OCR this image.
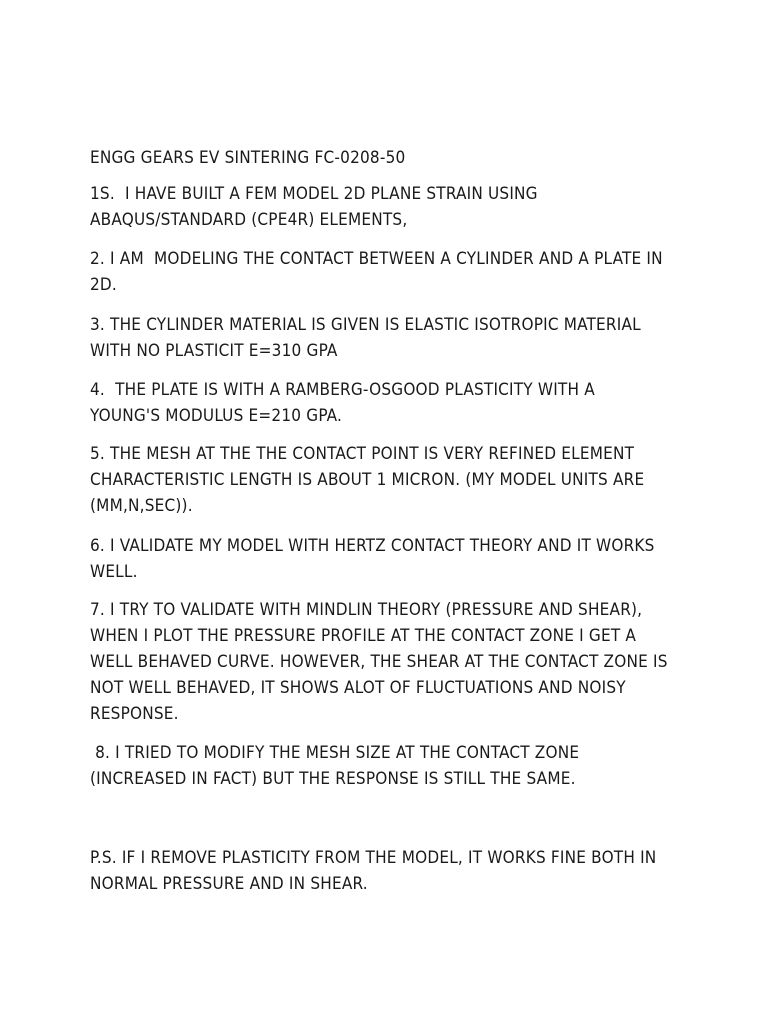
ENGG GEARS EV SINTERING FC-0208-50
1S.  I HAVE BUILT A FEM MODEL 2D PLANE STRAIN USING ABAQUS/STANDARD (CPE4R) ELEMENTS,
2. I AM  MODELING THE CONTACT BETWEEN A CYLINDER AND A PLATE IN 2D.
3. THE CYLINDER MATERIAL IS GIVEN IS ELASTIC ISOTROPIC MATERIAL WITH NO PLASTICIT E=310 GPA
4.  THE PLATE IS WITH A RAMBERG-OSGOOD PLASTICITY WITH A YOUNG'S MODULUS E=210 GPA.
5. THE MESH AT THE THE CONTACT POINT IS VERY REFINED ELEMENT CHARACTERISTIC LENGTH IS ABOUT 1 MICRON. (MY MODEL UNITS ARE  (MM,N,SEC)).
6. I VALIDATE MY MODEL WITH HERTZ CONTACT THEORY AND IT WORKS WELL.
7. I TRY TO VALIDATE WITH MINDLIN THEORY (PRESSURE AND SHEAR), WHEN I PLOT THE PRESSURE PROFILE AT THE CONTACT ZONE I GET A WELL BEHAVED CURVE. HOWEVER, THE SHEAR AT THE CONTACT ZONE IS NOT WELL BEHAVED, IT SHOWS ALOT OF FLUCTUATIONS AND NOISY RESPONSE.
8. I TRIED TO MODIFY THE MESH SIZE AT THE CONTACT ZONE (INCREASED IN FACT) BUT THE RESPONSE IS STILL THE SAME.
P.S. IF I REMOVE PLASTICITY FROM THE MODEL, IT WORKS FINE BOTH IN NORMAL PRESSURE AND IN SHEAR.
